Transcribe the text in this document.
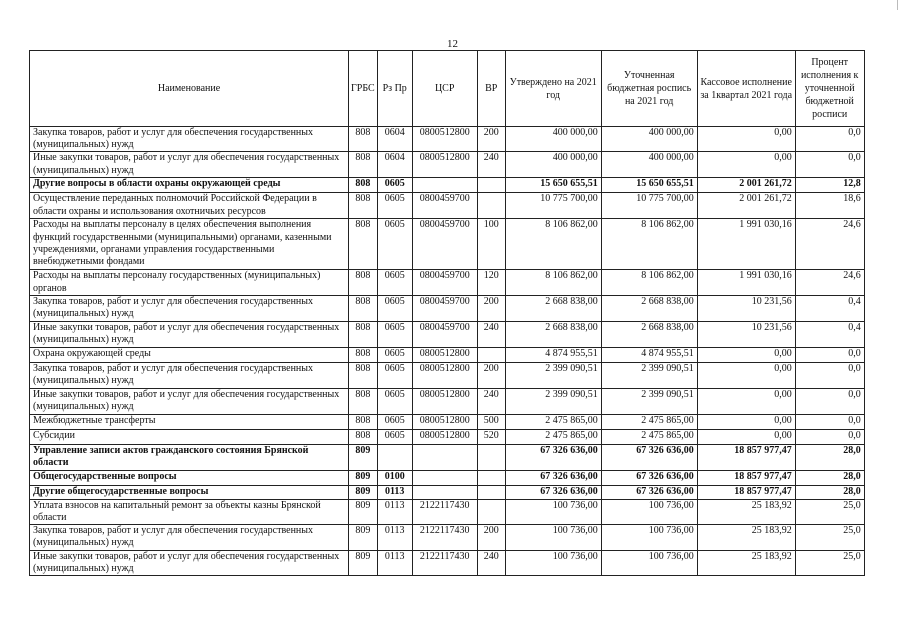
12
Наименование	ГРБС	Рз Пр	ЦСР	ВР	Утверждено на 2021 год	Уточненная бюджетная роспись на 2021 год	Кассовое исполнение за 1квартал 2021 года	Процент исполнения к уточненной бюджетной росписи
Закупка товаров, работ и услуг для обеспечения государственных (муниципальных) нужд	808	0604	0800512800	200	400 000,00	400 000,00	0,00	0,0
Иные закупки товаров, работ и услуг для обеспечения государственных (муниципальных) нужд	808	0604	0800512800	240	400 000,00	400 000,00	0,00	0,0
Другие вопросы в области охраны окружающей среды	808	0605			15 650 655,51	15 650 655,51	2 001 261,72	12,8
Осуществление переданных полномочий Российской Федерации в области охраны и использования охотничьих ресурсов	808	0605	0800459700		10 775 700,00	10 775 700,00	2 001 261,72	18,6
Расходы на выплаты персоналу в целях обеспечения выполнения функций государственными (муниципальными) органами, казенными учреждениями, органами управления государственными внебюджетными фондами	808	0605	0800459700	100	8 106 862,00	8 106 862,00	1 991 030,16	24,6
Расходы на выплаты персоналу государственных (муниципальных) органов	808	0605	0800459700	120	8 106 862,00	8 106 862,00	1 991 030,16	24,6
Закупка товаров, работ и услуг для обеспечения государственных (муниципальных) нужд	808	0605	0800459700	200	2 668 838,00	2 668 838,00	10 231,56	0,4
Иные закупки товаров, работ и услуг для обеспечения государственных (муниципальных) нужд	808	0605	0800459700	240	2 668 838,00	2 668 838,00	10 231,56	0,4
Охрана окружающей среды	808	0605	0800512800		4 874 955,51	4 874 955,51	0,00	0,0
Закупка товаров, работ и услуг для обеспечения государственных (муниципальных) нужд	808	0605	0800512800	200	2 399 090,51	2 399 090,51	0,00	0,0
Иные закупки товаров, работ и услуг для обеспечения государственных (муниципальных) нужд	808	0605	0800512800	240	2 399 090,51	2 399 090,51	0,00	0,0
Межбюджетные трансферты	808	0605	0800512800	500	2 475 865,00	2 475 865,00	0,00	0,0
Субсидии	808	0605	0800512800	520	2 475 865,00	2 475 865,00	0,00	0,0
Управление записи актов гражданского состояния Брянской области	809				67 326 636,00	67 326 636,00	18 857 977,47	28,0
Общегосударственные вопросы	809	0100			67 326 636,00	67 326 636,00	18 857 977,47	28,0
Другие общегосударственные вопросы	809	0113			67 326 636,00	67 326 636,00	18 857 977,47	28,0
Уплата взносов на капитальный ремонт за объекты казны Брянской области	809	0113	2122117430		100 736,00	100 736,00	25 183,92	25,0
Закупка товаров, работ и услуг для обеспечения государственных (муниципальных) нужд	809	0113	2122117430	200	100 736,00	100 736,00	25 183,92	25,0
Иные закупки товаров, работ и услуг для обеспечения государственных (муниципальных) нужд	809	0113	2122117430	240	100 736,00	100 736,00	25 183,92	25,0
